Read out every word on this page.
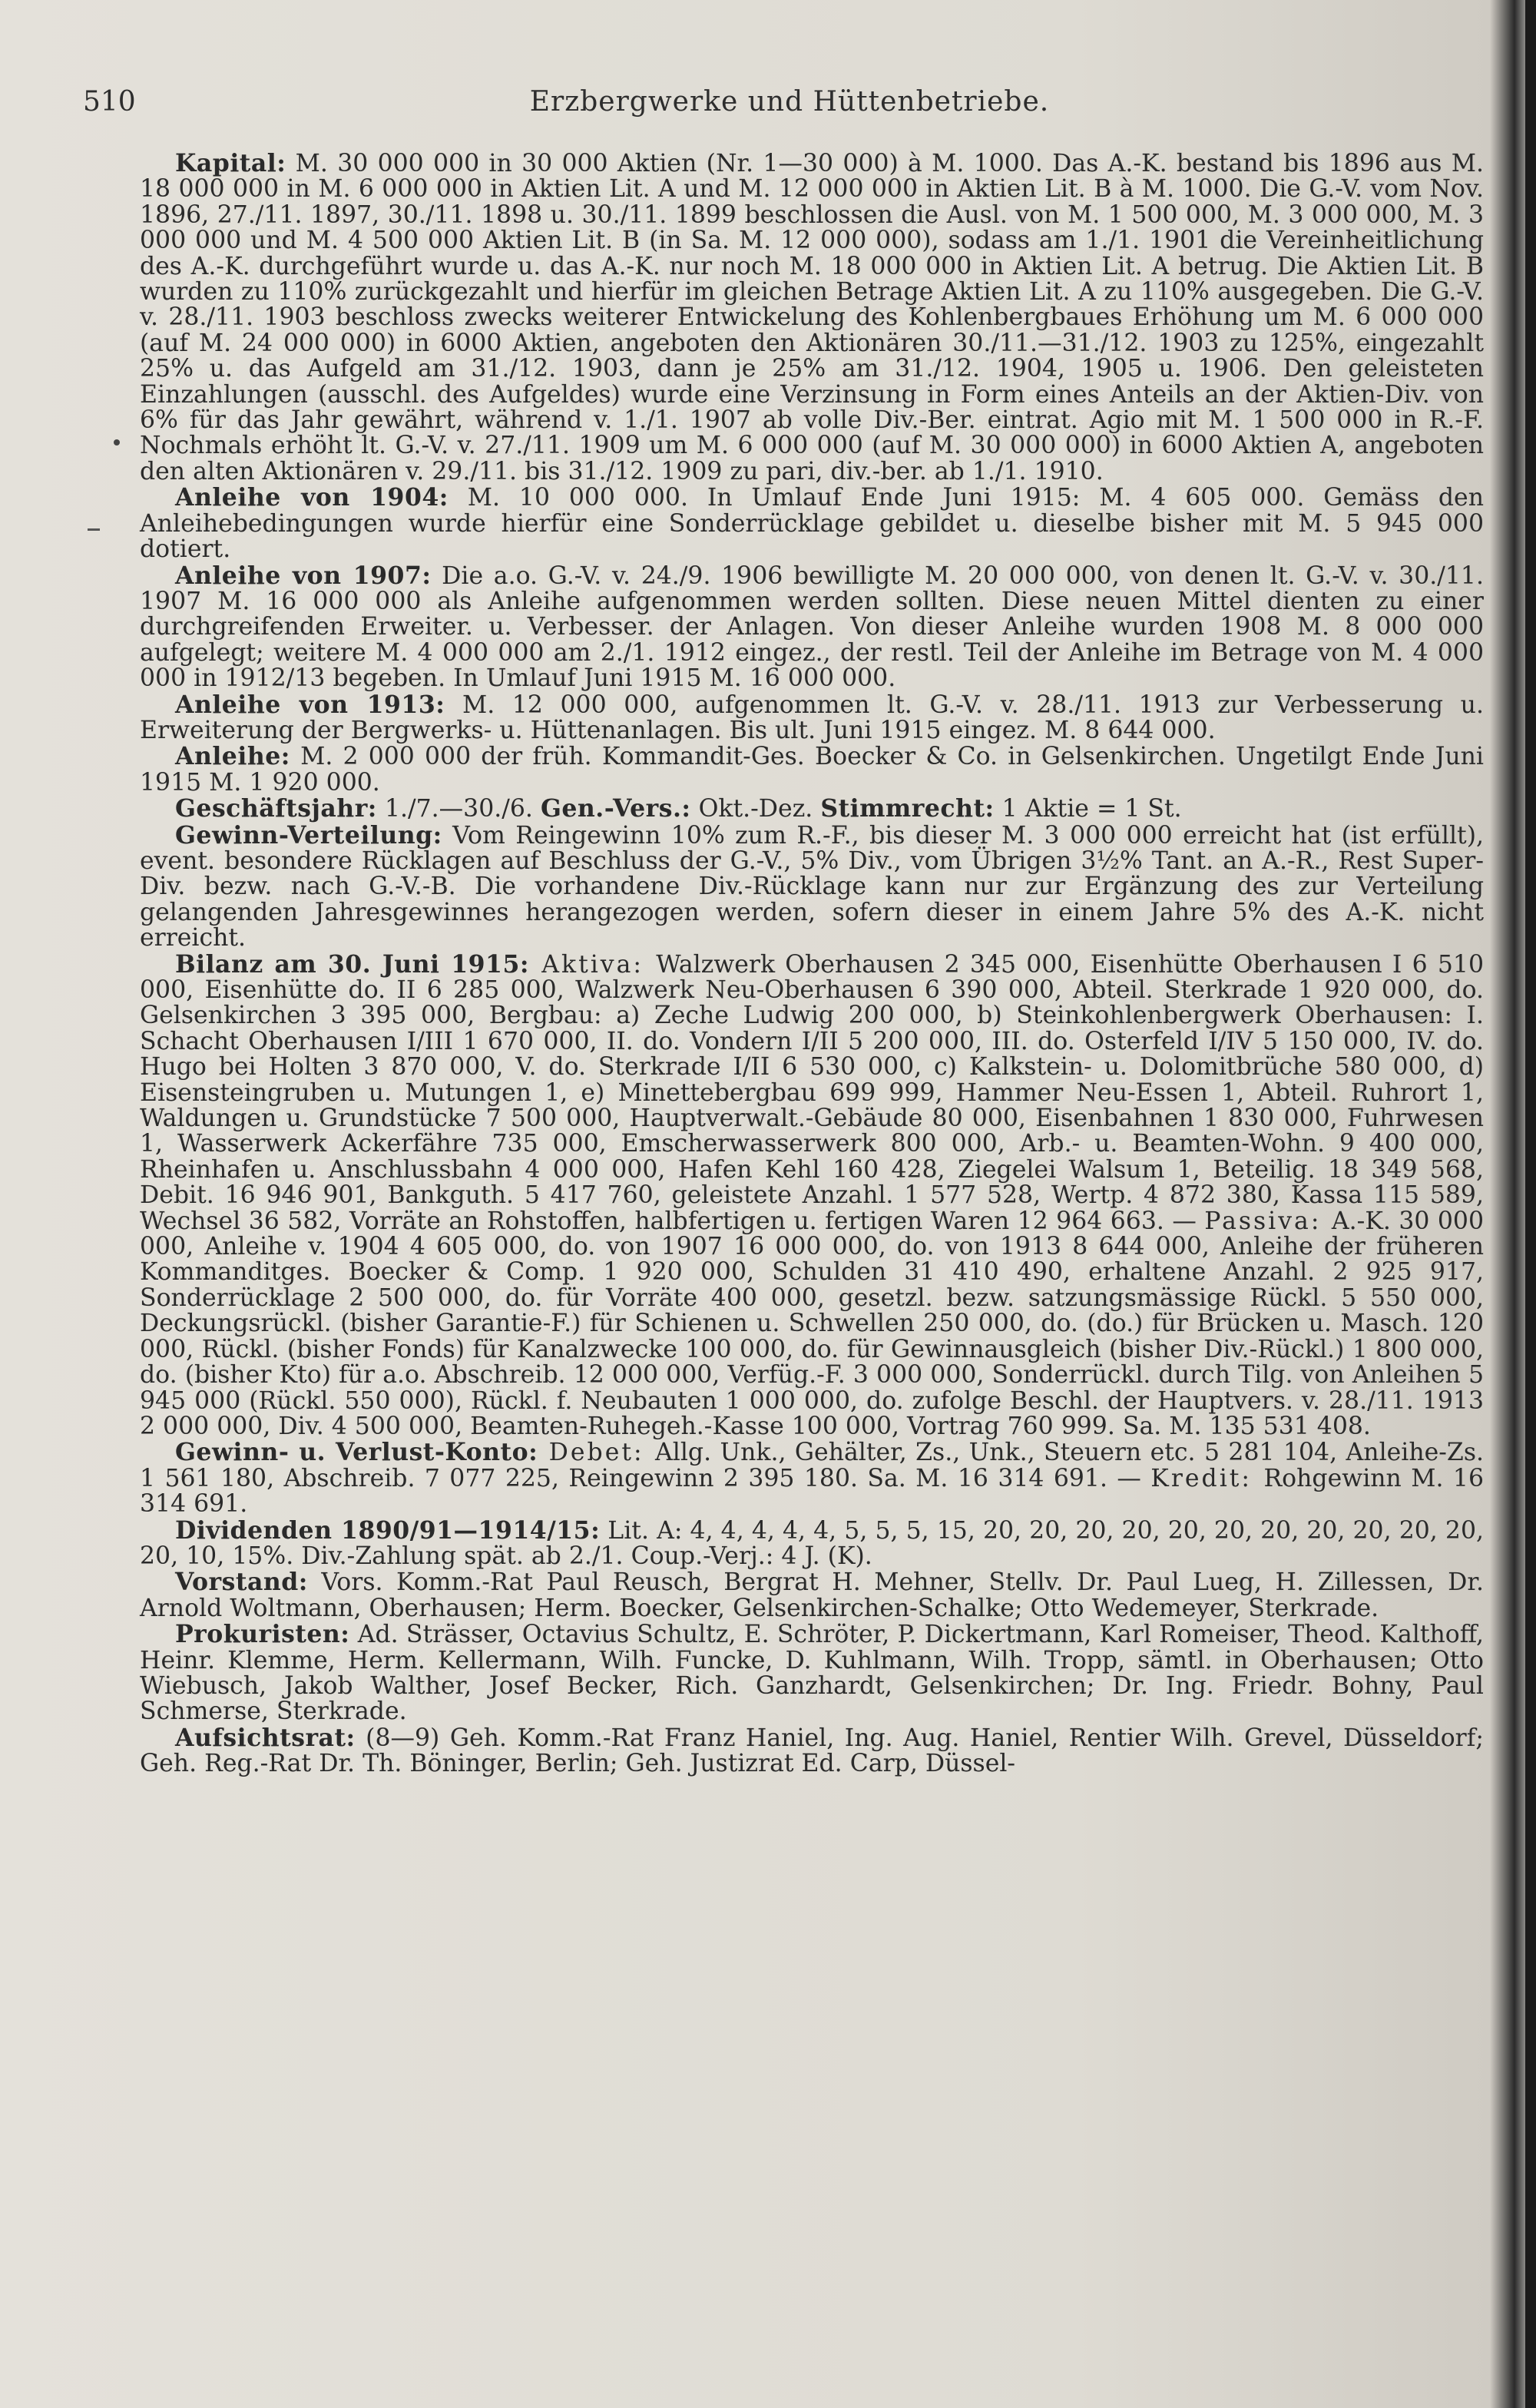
510	Erzbergwerke und Hüttenbetriebe.

Kapital: M. 30 000 000 in 30 000 Aktien (Nr. 1—30 000) à M. 1000. Das A.-K. bestand bis 1896 aus M. 18 000 000 in M. 6 000 000 in Aktien Lit. A und M. 12 000 000 in Aktien Lit. B à M. 1000. Die G.-V. vom Nov. 1896, 27./11. 1897, 30./11. 1898 u. 30./11. 1899 beschlossen die Ausl. von M. 1 500 000, M. 3 000 000, M. 3 000 000 und M. 4 500 000 Aktien Lit. B (in Sa. M. 12 000 000), sodass am 1./1. 1901 die Vereinheitlichung des A.-K. durchgeführt wurde u. das A.-K. nur noch M. 18 000 000 in Aktien Lit. A betrug. Die Aktien Lit. B wurden zu 110% zurückgezahlt und hierfür im gleichen Betrage Aktien Lit. A zu 110% ausgegeben. Die G.-V. v. 28./11. 1903 beschloss zwecks weiterer Entwickelung des Kohlenbergbaues Erhöhung um M. 6 000 000 (auf M. 24 000 000) in 6000 Aktien, angeboten den Aktionären 30./11.—31./12. 1903 zu 125%, eingezahlt 25% u. das Aufgeld am 31./12. 1903, dann je 25% am 31./12. 1904, 1905 u. 1906. Den geleisteten Einzahlungen (ausschl. des Aufgeldes) wurde eine Verzinsung in Form eines Anteils an der Aktien-Div. von 6% für das Jahr gewährt, während v. 1./1. 1907 ab volle Div.-Ber. eintrat. Agio mit M. 1 500 000 in R.-F. Nochmals erhöht lt. G.-V. v. 27./11. 1909 um M. 6 000 000 (auf M. 30 000 000) in 6000 Aktien A, angeboten den alten Aktionären v. 29./11. bis 31./12. 1909 zu pari, div.-ber. ab 1./1. 1910.

Anleihe von 1904: M. 10 000 000. In Umlauf Ende Juni 1915: M. 4 605 000. Gemäss den Anleihebedingungen wurde hierfür eine Sonderrücklage gebildet u. dieselbe bisher mit M. 5 945 000 dotiert.

Anleihe von 1907: Die a.o. G.-V. v. 24./9. 1906 bewilligte M. 20 000 000, von denen lt. G.-V. v. 30./11. 1907 M. 16 000 000 als Anleihe aufgenommen werden sollten. Diese neuen Mittel dienten zu einer durchgreifenden Erweiter. u. Verbesser. der Anlagen. Von dieser Anleihe wurden 1908 M. 8 000 000 aufgelegt; weitere M. 4 000 000 am 2./1. 1912 eingez., der restl. Teil der Anleihe im Betrage von M. 4 000 000 in 1912/13 begeben. In Umlauf Juni 1915 M. 16 000 000.

Anleihe von 1913: M. 12 000 000, aufgenommen lt. G.-V. v. 28./11. 1913 zur Verbesserung u. Erweiterung der Bergwerks- u. Hüttenanlagen. Bis ult. Juni 1915 eingez. M. 8 644 000.

Anleihe: M. 2 000 000 der früh. Kommandit-Ges. Boecker & Co. in Gelsenkirchen. Ungetilgt Ende Juni 1915 M. 1 920 000.

Geschäftsjahr: 1./7.—30./6. Gen.-Vers.: Okt.-Dez. Stimmrecht: 1 Aktie = 1 St.

Gewinn-Verteilung: Vom Reingewinn 10% zum R.-F., bis dieser M. 3 000 000 erreicht hat (ist erfüllt), event. besondere Rücklagen auf Beschluss der G.-V., 5% Div., vom Übrigen 3½% Tant. an A.-R., Rest Super-Div. bezw. nach G.-V.-B. Die vorhandene Div.-Rücklage kann nur zur Ergänzung des zur Verteilung gelangenden Jahresgewinnes herangezogen werden, sofern dieser in einem Jahre 5% des A.-K. nicht erreicht.

Bilanz am 30. Juni 1915: Aktiva: Walzwerk Oberhausen 2 345 000, Eisenhütte Oberhausen I 6 510 000, Eisenhütte do. II 6 285 000, Walzwerk Neu-Oberhausen 6 390 000, Abteil. Sterkrade 1 920 000, do. Gelsenkirchen 3 395 000, Bergbau: a) Zeche Ludwig 200 000, b) Steinkohlenbergwerk Oberhausen: I. Schacht Oberhausen I/III 1 670 000, II. do. Vondern I/II 5 200 000, III. do. Osterfeld I/IV 5 150 000, IV. do. Hugo bei Holten 3 870 000, V. do. Sterkrade I/II 6 530 000, c) Kalkstein- u. Dolomitbrüche 580 000, d) Eisensteingruben u. Mutungen 1, e) Minettebergbau 699 999, Hammer Neu-Essen 1, Abteil. Ruhrort 1, Waldungen u. Grundstücke 7 500 000, Hauptverwalt.-Gebäude 80 000, Eisenbahnen 1 830 000, Fuhrwesen 1, Wasserwerk Ackerfähre 735 000, Emscherwasserwerk 800 000, Arb.- u. Beamten-Wohn. 9 400 000, Rheinhafen u. Anschlussbahn 4 000 000, Hafen Kehl 160 428, Ziegelei Walsum 1, Beteilig. 18 349 568, Debit. 16 946 901, Bankguth. 5 417 760, geleistete Anzahl. 1 577 528, Wertp. 4 872 380, Kassa 115 589, Wechsel 36 582, Vorräte an Rohstoffen, halbfertigen u. fertigen Waren 12 964 663. — Passiva: A.-K. 30 000 000, Anleihe v. 1904 4 605 000, do. von 1907 16 000 000, do. von 1913 8 644 000, Anleihe der früheren Kommanditges. Boecker & Comp. 1 920 000, Schulden 31 410 490, erhaltene Anzahl. 2 925 917, Sonderrücklage 2 500 000, do. für Vorräte 400 000, gesetzl. bezw. satzungsmässige Rückl. 5 550 000, Deckungsrückl. (bisher Garantie-F.) für Schienen u. Schwellen 250 000, do. (do.) für Brücken u. Masch. 120 000, Rückl. (bisher Fonds) für Kanalzwecke 100 000, do. für Gewinnausgleich (bisher Div.-Rückl.) 1 800 000, do. (bisher Kto) für a.o. Abschreib. 12 000 000, Verfüg.-F. 3 000 000, Sonderrückl. durch Tilg. von Anleihen 5 945 000 (Rückl. 550 000), Rückl. f. Neubauten 1 000 000, do. zufolge Beschl. der Hauptvers. v. 28./11. 1913 2 000 000, Div. 4 500 000, Beamten-Ruhegeh.-Kasse 100 000, Vortrag 760 999. Sa. M. 135 531 408.

Gewinn- u. Verlust-Konto: Debet: Allg. Unk., Gehälter, Zs., Unk., Steuern etc. 5 281 104, Anleihe-Zs. 1 561 180, Abschreib. 7 077 225, Reingewinn 2 395 180. Sa. M. 16 314 691. — Kredit: Rohgewinn M. 16 314 691.

Dividenden 1890/91—1914/15: Lit. A: 4, 4, 4, 4, 4, 5, 5, 5, 15, 20, 20, 20, 20, 20, 20, 20, 20, 20, 20, 20, 20, 10, 15%. Div.-Zahlung spät. ab 2./1. Coup.-Verj.: 4 J. (K).

Vorstand: Vors. Komm.-Rat Paul Reusch, Bergrat H. Mehner, Stellv. Dr. Paul Lueg, H. Zillessen, Dr. Arnold Woltmann, Oberhausen; Herm. Boecker, Gelsenkirchen-Schalke; Otto Wedemeyer, Sterkrade.

Prokuristen: Ad. Strässer, Octavius Schultz, E. Schröter, P. Dickertmann, Karl Romeiser, Theod. Kalthoff, Heinr. Klemme, Herm. Kellermann, Wilh. Funcke, D. Kuhlmann, Wilh. Tropp, sämtl. in Oberhausen; Otto Wiebusch, Jakob Walther, Josef Becker, Rich. Ganzhardt, Gelsenkirchen; Dr. Ing. Friedr. Bohny, Paul Schmerse, Sterkrade.

Aufsichtsrat: (8—9) Geh. Komm.-Rat Franz Haniel, Ing. Aug. Haniel, Rentier Wilh. Grevel, Düsseldorf; Geh. Reg.-Rat Dr. Th. Böninger, Berlin; Geh. Justizrat Ed. Carp, Düssel-
